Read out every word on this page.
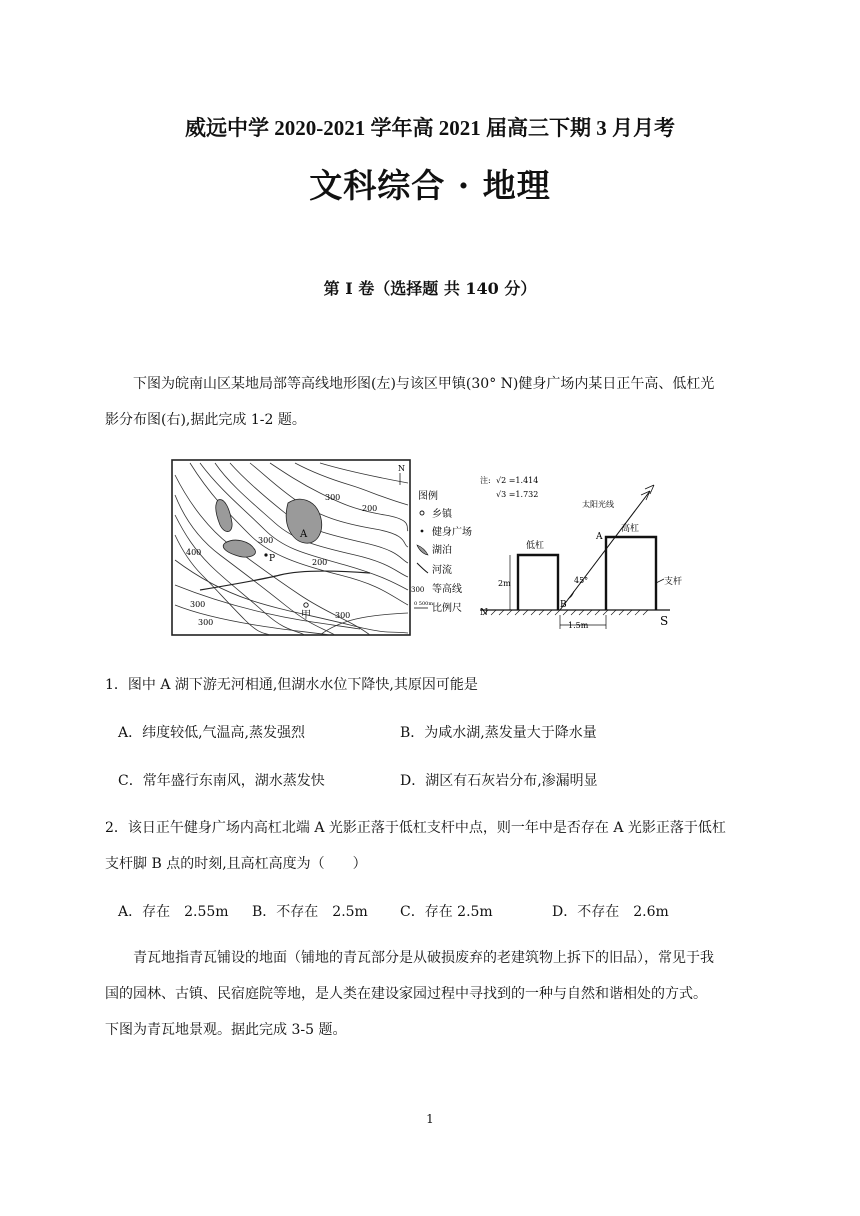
威远中学 2020-2021 学年高 2021 届高三下期 3 月月考
文科综合 · 地理
第 I 卷（选择题 共 140 分）
下图为皖南山区某地局部等高线地形图(左)与该区甲镇(30° N)健身广场内某日正午高、低杠光
影分布图(右),据此完成 1-2 题。
N
300
200
400
300
200
300
300
300
A
P
甲
图例
乡镇
健身广场
湖泊
河流
300 等高线
0 500m
比例尺
注: √2 =1.414
√3 =1.732
太阳光线
低杠
高杠
A
B
45°
2m
1.5m
N
S
支杆
1．图中 A 湖下游无河相通,但湖水水位下降快,其原因可能是
A．纬度较低,气温高,蒸发强烈	B．为咸水湖,蒸发量大于降水量
C．常年盛行东南风，湖水蒸发快	D．湖区有石灰岩分布,渗漏明显
2．该日正午健身广场内高杠北端 A 光影正落于低杠支杆中点，则一年中是否存在 A 光影正落于低杠
支杆脚 B 点的时刻,且高杠高度为（　　）
A．存在　2.55m B．不存在　2.5m C．存在 2.5m	D．不存在　2.6m
青瓦地指青瓦铺设的地面（铺地的青瓦部分是从破损废弃的老建筑物上拆下的旧品），常见于我
国的园林、古镇、民宿庭院等地，是人类在建设家园过程中寻找到的一种与自然和谐相处的方式。
下图为青瓦地景观。据此完成 3-5 题。
1
